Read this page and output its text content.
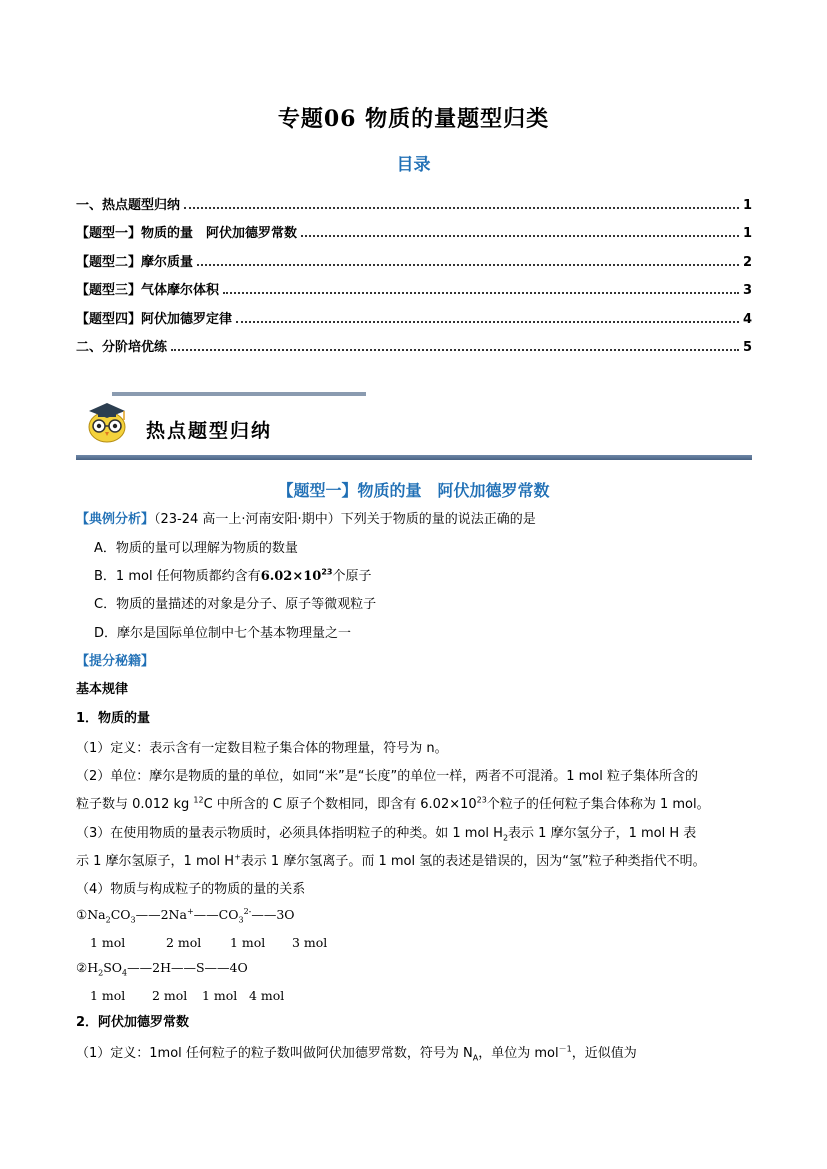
专题06 物质的量题型归类
目录
一、热点题型归纳	1
【题型一】物质的量　阿伏加德罗常数	1
【题型二】摩尔质量	2
【题型三】气体摩尔体积	3
【题型四】阿伏加德罗定律	4
二、分阶培优练	5
热点题型归纳
【题型一】物质的量　阿伏加德罗常数
【典例分析】（23-24 高一上·河南安阳·期中）下列关于物质的量的说法正确的是
A．物质的量可以理解为物质的数量
B．1 mol 任何物质都约含有$6.02\times 10^{23}$个原子
C．物质的量描述的对象是分子、原子等微观粒子
D．摩尔是国际单位制中七个基本物理量之一
【提分秘籍】
基本规律
1．物质的量
（1）定义：表示含有一定数目粒子集合体的物理量，符号为 n。
（2）单位：摩尔是物质的量的单位，如同“米”是“长度”的单位一样，两者不可混淆。1 mol 粒子集体所含的
粒子数与 0.012 kg $^{12}$C 中所含的 C 原子个数相同，即含有 $6.02\times 10^{23}$个粒子的任何粒子集合体称为 1 mol。
（3）在使用物质的量表示物质时，必须具体指明粒子的种类。如 1 mol $H_2$表示 1 摩尔氢分子，1 mol H 表
示 1 摩尔氢原子，1 mol H+表示 1 摩尔氢离子。而 1 mol 氢的表述是错误的，因为“氢”粒子种类指代不明。
（4）物质与构成粒子的物质的量的关系
$①Na_2CO_3——2Na^+——CO_3^{2-}——3O$
1 mol	2 mol 1 mol 3 mol
$②H_2SO_4——2H——S——4O$
1 mol 2 mol 1 mol 4 mol
2．阿伏加德罗常数
（1）定义：1mol 任何粒子的粒子数叫做阿伏加德罗常数，符号为 $N_A$，单位为 mol$^{-1}$，近似值为
